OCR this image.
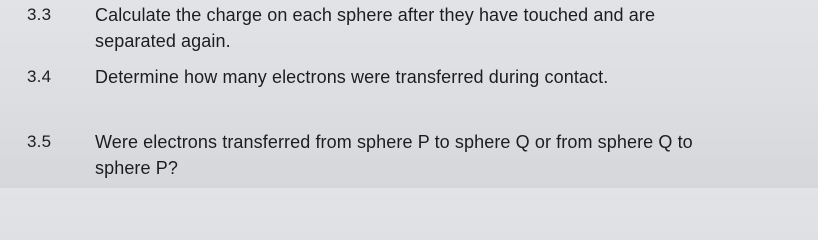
3.3 Calculate the charge on each sphere after they have touched and are
separated again.
3.4 Determine how many electrons were transferred during contact.
3.5 Were electrons transferred from sphere P to sphere Q or from sphere Q to
sphere P?
